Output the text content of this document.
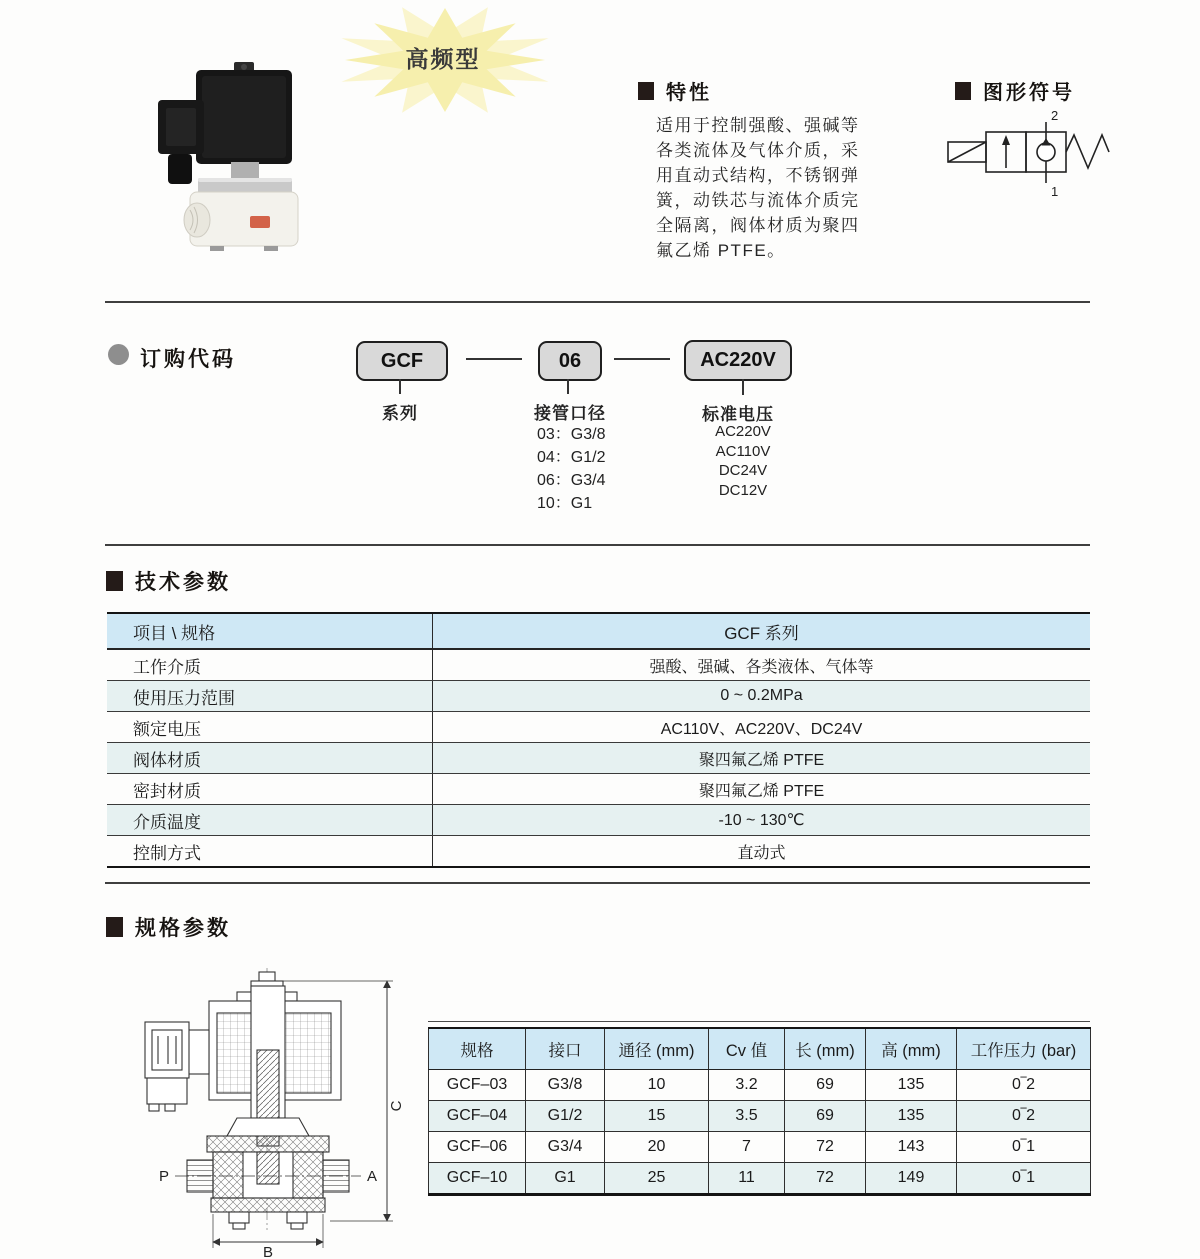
高频型
特性
适用于控制强酸、强碱等
各类流体及气体介质，采
用直动式结构，不锈钢弹
簧，动铁芯与流体介质完
全隔离，阀体材质为聚四
氟乙烯 PTFE。
图形符号
2
1
订购代码	GCF	06	AC220V
系列	接管口径
03：G3/8
04：G1/2
06：G3/4
10：G1
标准电压
AC220V
AC110V
DC24V
DC12V
技术参数
项目 \ 规格	GCF 系列
工作介质	强酸、强碱、各类液体、气体等
使用压力范围	0 ~ 0.2MPa
额定电压	AC110V、AC220V、DC24V
阀体材质	聚四氟乙烯 PTFE
密封材质	聚四氟乙烯 PTFE
介质温度	-10 ~ 130℃
控制方式	直动式
规格参数
P	A
C
B
规格	接口	通径 (mm)	Cv 值	长 (mm)	高 (mm)	工作压力 (bar)
GCF–03	G3/8	10	3.2	69	135	0‾2
GCF–04	G1/2	15	3.5	69	135	0‾2
GCF–06	G3/4	20	7	72	143	0‾1
GCF–10	G1	25	11	72	149	0‾1
